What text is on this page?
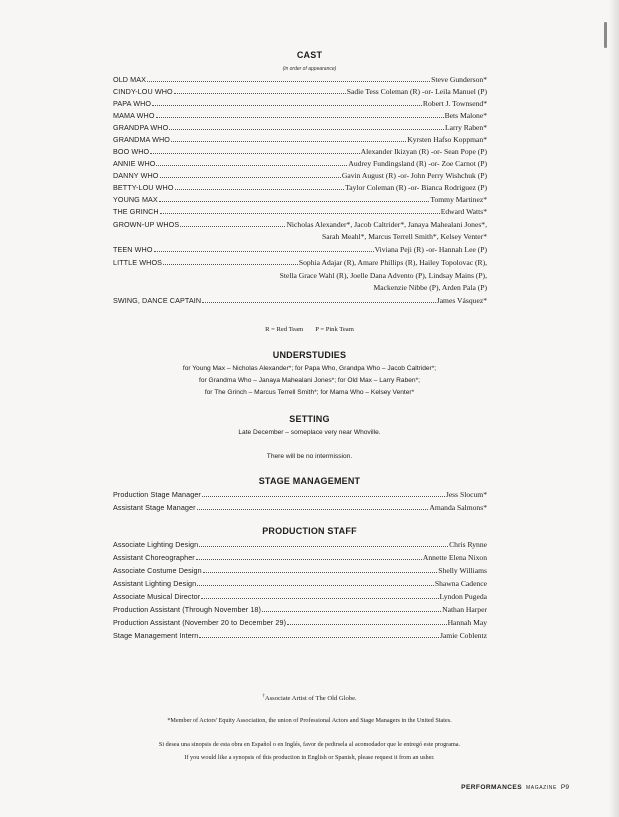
CAST
(in order of appearance)
OLD MAX	Steve Gunderson*
CINDY-LOU WHO	Sadie Tess Coleman (R) -or- Leila Manuel (P)
PAPA WHO	Robert J. Townsend*
MAMA WHO	Bets Malone*
GRANDPA WHO	Larry Raben*
GRANDMA WHO	Kyrsten Hafso Koppman*
BOO WHO	Alexander Ikizyan (R) -or- Sean Pope (P)
ANNIE WHO	Audrey Fundingsland (R) -or- Zoe Carnot (P)
DANNY WHO	Gavin August (R) -or- John Perry Wishchuk (P)
BETTY-LOU WHO	Taylor Coleman (R) -or- Bianca Rodriguez (P)
YOUNG MAX	Tommy Martinez*
THE GRINCH	Edward Watts*
GROWN-UP WHOS	Nicholas Alexander*, Jacob Caltrider*, Janaya Mahealani Jones*,
Sarah Meahl*, Marcus Terrell Smith*, Kelsey Venter*
TEEN WHO	Viviana Peji (R) -or- Hannah Lee (P)
LITTLE WHOS	Sophia Adajar (R), Amare Phillips (R), Hailey Topolovac (R),
Stella Grace Wahl (R), Joelle Dana Advento (P), Lindsay Mains (P),
Mackenzie Nibbe (P), Arden Pala (P)
SWING, DANCE CAPTAIN	James Vásquez*
R = Red Team P = Pink Team
UNDERSTUDIES
for Young Max – Nicholas Alexander*; for Papa Who, Grandpa Who – Jacob Caltrider*;
for Grandma Who – Janaya Mahealani Jones*; for Old Max – Larry Raben*;
for The Grinch – Marcus Terrell Smith*; for Mama Who – Kelsey Venter*
SETTING
Late December – someplace very near Whoville.
There will be no intermission.
STAGE MANAGEMENT
Production Stage Manager	Jess Slocum*
Assistant Stage Manager	Amanda Salmons*
PRODUCTION STAFF
Associate Lighting Design	Chris Rynne
Assistant Choreographer	Annette Elena Nixon
Associate Costume Design	Shelly Williams
Assistant Lighting Design	Shawna Cadence
Associate Musical Director	Lyndon Pugeda
Production Assistant (Through November 18)	Nathan Harper
Production Assistant (November 20 to December 29)	Hannah May
Stage Management Intern	Jamie Coblentz
†Associate Artist of The Old Globe.
*Member of Actors' Equity Association, the union of Professional Actors and Stage Managers in the United States.
Si desea una sinopsis de esta obra en Español o en Inglés, favor de pedirsela al acomodador que le entregó este programa.
If you would like a synopsis of this production in English or Spanish, please request it from an usher.
PERFORMANCES MAGAZINE P9
